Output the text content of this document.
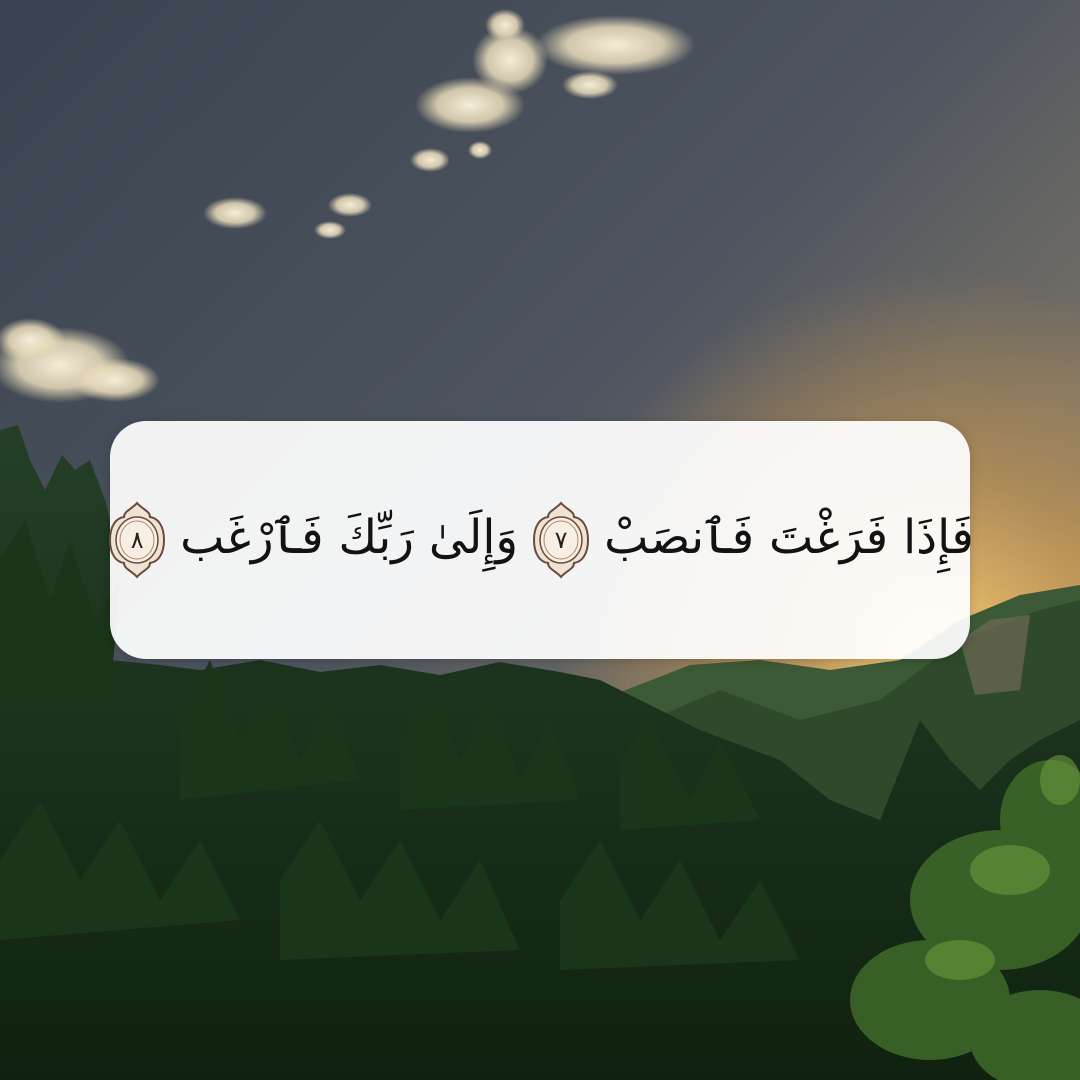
فَإِذَا فَرَغْتَ فَٱنصَبْ
٧
وَإِلَىٰ رَبِّكَ فَٱرْغَب
٨
